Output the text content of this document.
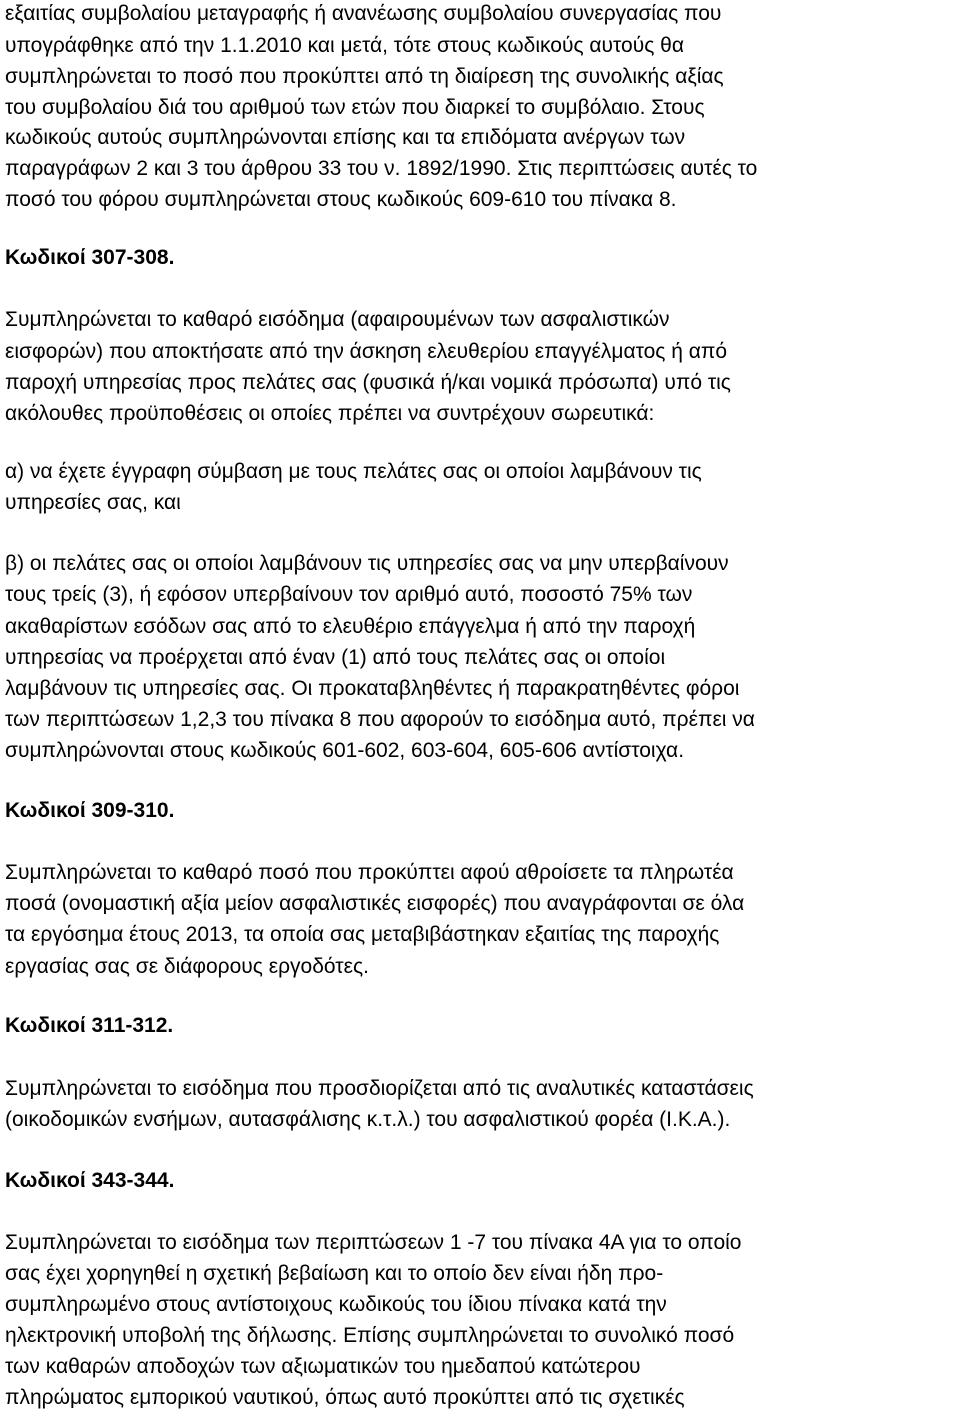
εξαιτίας συμβολαίου μεταγραφής ή ανανέωσης συμβολαίου συνεργασίας που
υπογράφθηκε από την 1.1.2010 και μετά, τότε στους κωδικούς αυτούς θα
συμπληρώνεται το ποσό που προκύπτει από τη διαίρεση της συνολικής αξίας
του συμβολαίου διά του αριθμού των ετών που διαρκεί το συμβόλαιο. Στους
κωδικούς αυτούς συμπληρώνονται επίσης και τα επιδόματα ανέργων των
παραγράφων 2 και 3 του άρθρου 33 του ν. 1892/1990. Στις περιπτώσεις αυτές το
ποσό του φόρου συμπληρώνεται στους κωδικούς 609-610 του πίνακα 8.
Κωδικοί 307-308.
Συμπληρώνεται το καθαρό εισόδημα (αφαιρουμένων των ασφαλιστικών
εισφορών) που αποκτήσατε από την άσκηση ελευθερίου επαγγέλματος ή από
παροχή υπηρεσίας προς πελάτες σας (φυσικά ή/και νομικά πρόσωπα) υπό τις
ακόλουθες προϋποθέσεις οι οποίες πρέπει να συντρέχουν σωρευτικά:
α) να έχετε έγγραφη σύμβαση με τους πελάτες σας οι οποίοι λαμβάνουν τις
υπηρεσίες σας, και
β) οι πελάτες σας οι οποίοι λαμβάνουν τις υπηρεσίες σας να μην υπερβαίνουν
τους τρείς (3), ή εφόσον υπερβαίνουν τον αριθμό αυτό, ποσοστό 75% των
ακαθαρίστων εσόδων σας από το ελευθέριο επάγγελμα ή από την παροχή
υπηρεσίας να προέρχεται από έναν (1) από τους πελάτες σας οι οποίοι
λαμβάνουν τις υπηρεσίες σας. Οι προκαταβληθέντες ή παρακρατηθέντες φόροι
των περιπτώσεων 1,2,3 του πίνακα 8 που αφορούν το εισόδημα αυτό, πρέπει να
συμπληρώνονται στους κωδικούς 601-602, 603-604, 605-606 αντίστοιχα.
Κωδικοί 309-310.
Συμπληρώνεται το καθαρό ποσό που προκύπτει αφού αθροίσετε τα πληρωτέα
ποσά (ονομαστική αξία μείον ασφαλιστικές εισφορές) που αναγράφονται σε όλα
τα εργόσημα έτους 2013, τα οποία σας μεταβιβάστηκαν εξαιτίας της παροχής
εργασίας σας σε διάφορους εργοδότες.
Κωδικοί 311-312.
Συμπληρώνεται το εισόδημα που προσδιορίζεται από τις αναλυτικές καταστάσεις
(οικοδομικών ενσήμων, αυτασφάλισης κ.τ.λ.) του ασφαλιστικού φορέα (Ι.Κ.Α.).
Κωδικοί 343-344.
Συμπληρώνεται το εισόδημα των περιπτώσεων 1 -7 του πίνακα 4Α για το οποίο
σας έχει χορηγηθεί η σχετική βεβαίωση και το οποίο δεν είναι ήδη προ-
συμπληρωμένο στους αντίστοιχους κωδικούς του ίδιου πίνακα κατά την
ηλεκτρονική υποβολή της δήλωσης. Επίσης συμπληρώνεται το συνολικό ποσό
των καθαρών αποδοχών των αξιωματικών του ημεδαπού κατώτερου
πληρώματος εμπορικού ναυτικού, όπως αυτό προκύπτει από τις σχετικές
